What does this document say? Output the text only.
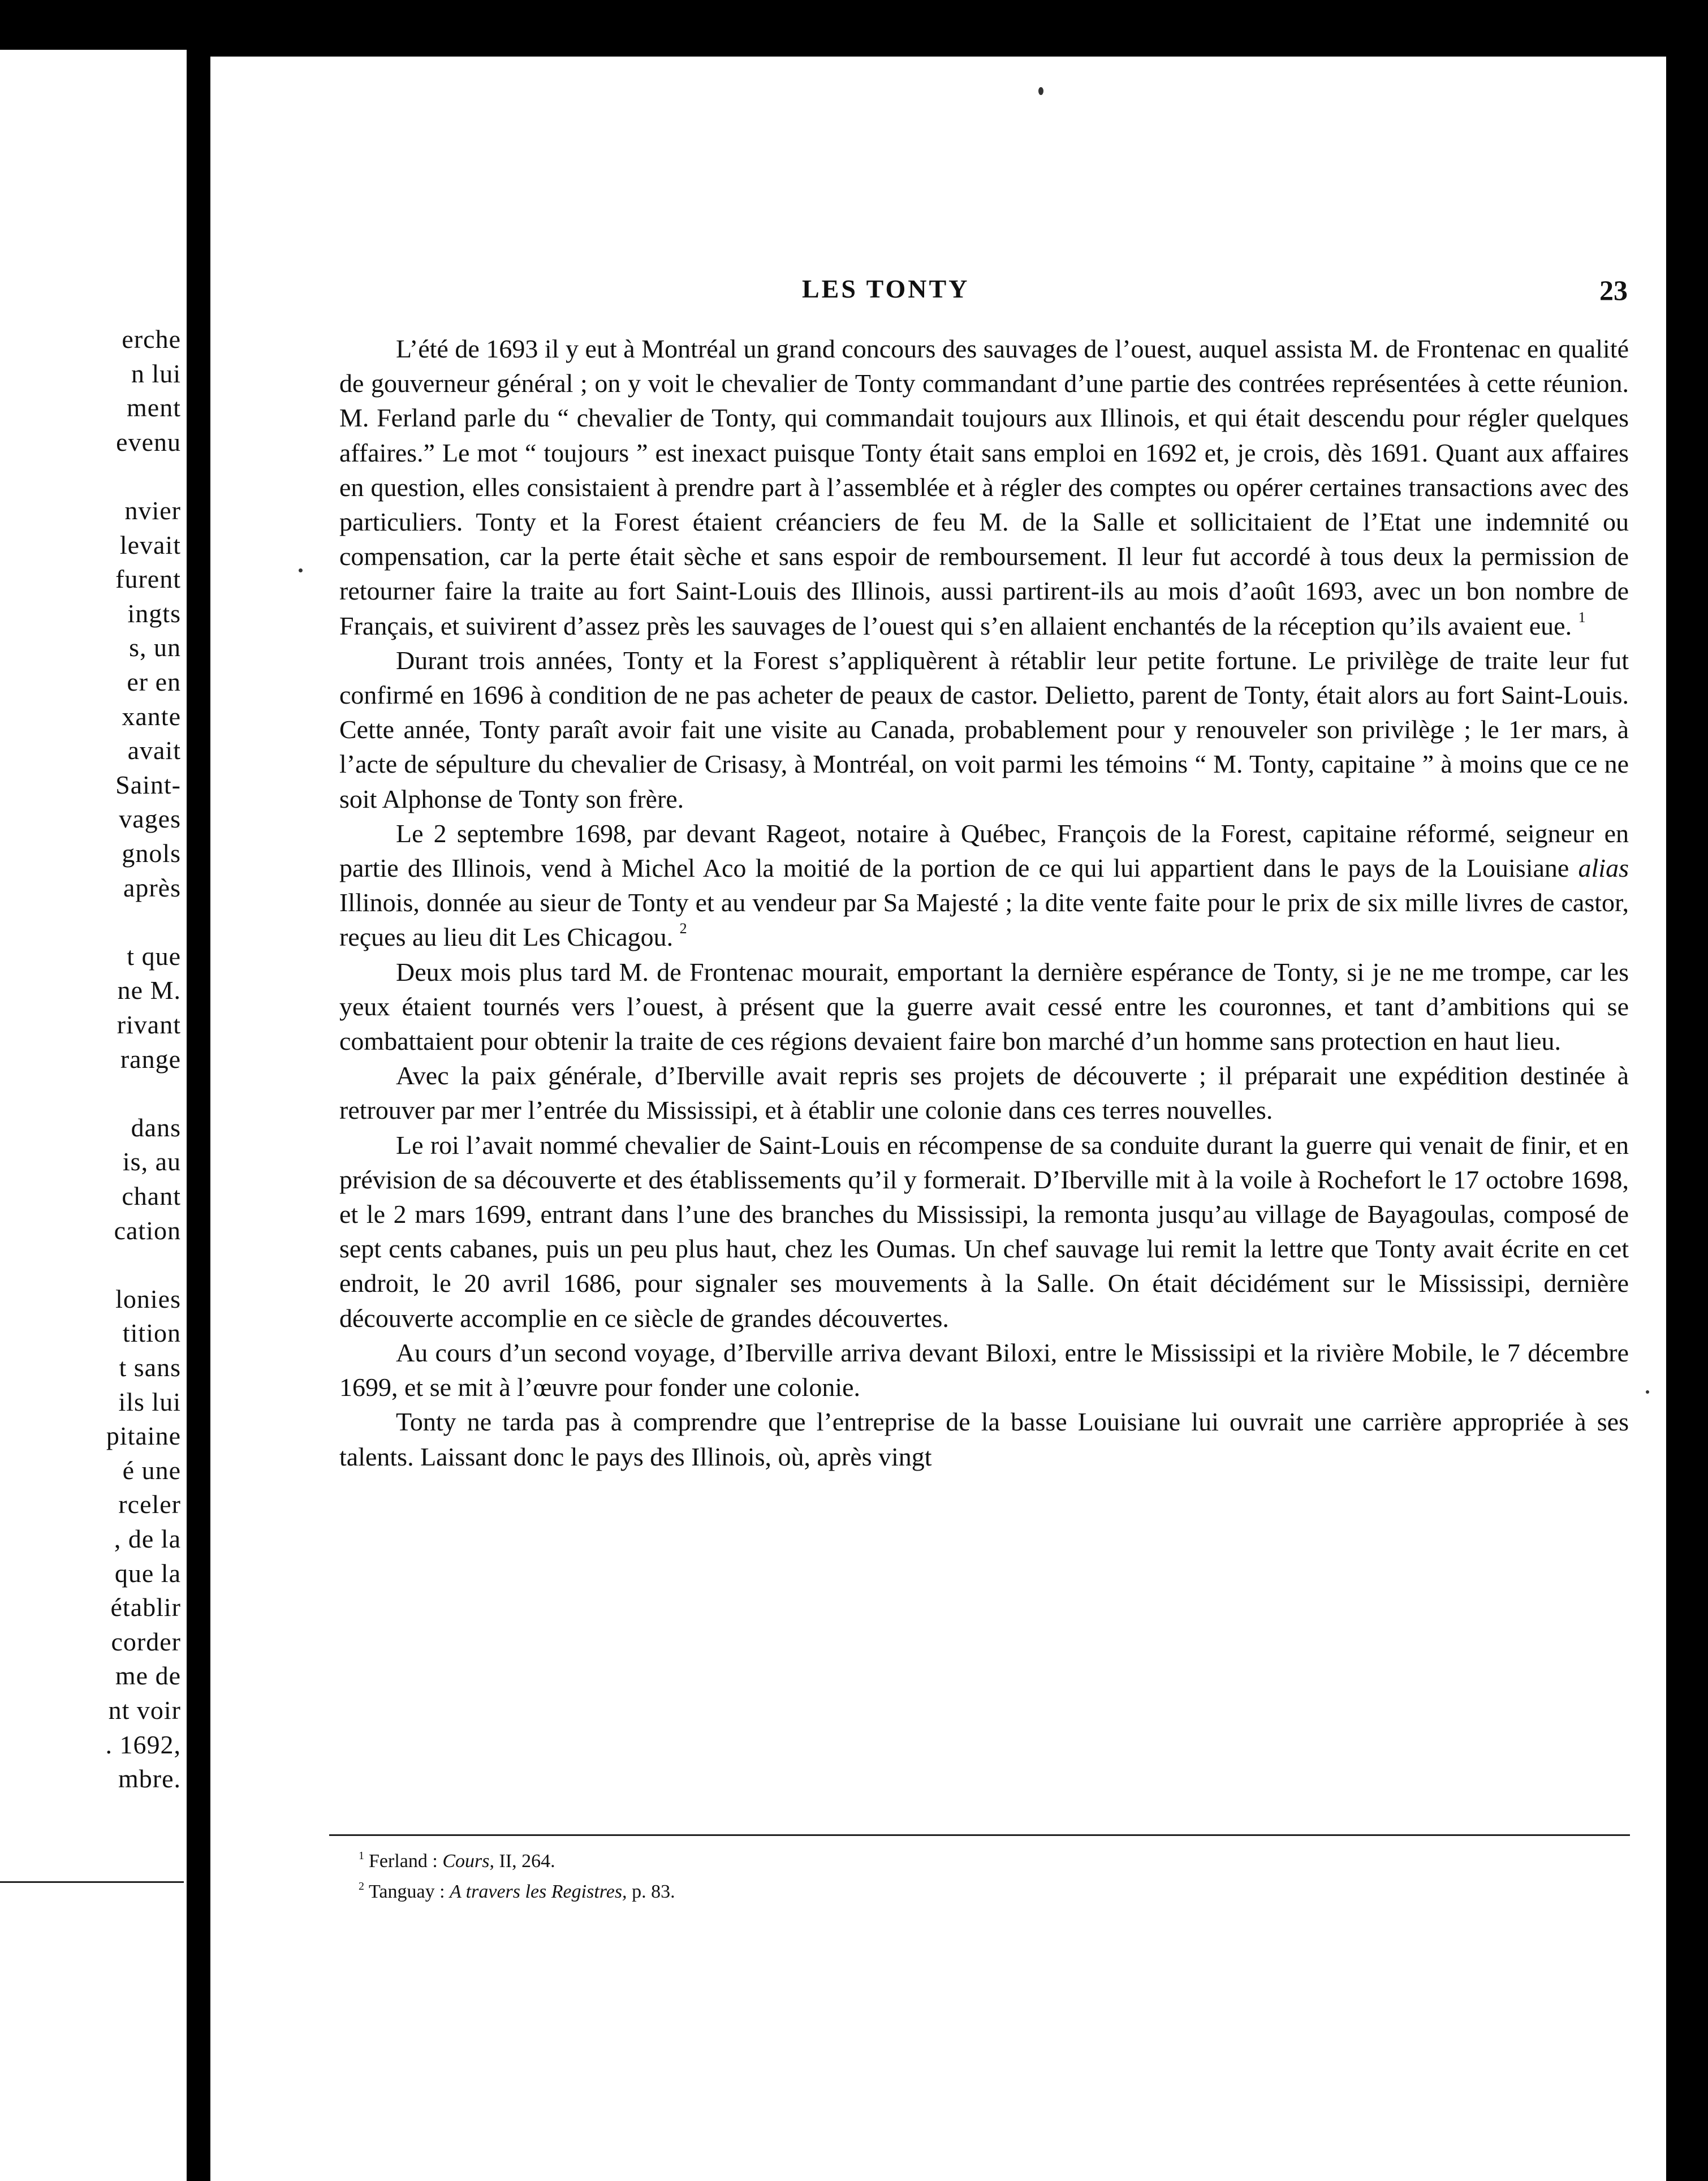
erche
n lui
ment
evenu
nvier
levait
furent
ingts
s, un
er en
xante
avait
Saint-
vages
gnols
après
t que
ne M.
rivant
range
dans
is, au
chant
cation
lonies
tition
t sans
ils lui
pitaine
é une
rceler
, de la
que la
établir
corder
me de
nt voir
. 1692,
mbre.
LES TONTY	23

L’été de 1693 il y eut à Montréal un grand concours des sauvages de l’ouest, auquel assista M. de Frontenac en qualité de gouverneur général ; on y voit le chevalier de Tonty commandant d’une partie des contrées représentées à cette réunion. M. Ferland parle du “ chevalier de Tonty, qui commandait toujours aux Illinois, et qui était descendu pour régler quelques affaires.” Le mot “ toujours ” est inexact puisque Tonty était sans emploi en 1692 et, je crois, dès 1691. Quant aux affaires en question, elles consistaient à prendre part à l’assemblée et à régler des comptes ou opérer certaines transactions avec des particuliers. Tonty et la Forest étaient créanciers de feu M. de la Salle et sollicitaient de l’Etat une indemnité ou compensation, car la perte était sèche et sans espoir de remboursement. Il leur fut accordé à tous deux la permission de retourner faire la traite au fort Saint-Louis des Illinois, aussi partirent-ils au mois d’août 1693, avec un bon nombre de Français, et suivirent d’assez près les sauvages de l’ouest qui s’en allaient enchantés de la réception qu’ils avaient eue. $^1$

Durant trois années, Tonty et la Forest s’appliquèrent à rétablir leur petite fortune. Le privilège de traite leur fut confirmé en 1696 à condition de ne pas acheter de peaux de castor. Delietto, parent de Tonty, était alors au fort Saint-Louis. Cette année, Tonty paraît avoir fait une visite au Canada, probablement pour y renouveler son privilège ; le 1er mars, à l’acte de sépulture du chevalier de Crisasy, à Montréal, on voit parmi les témoins “ M. Tonty, capitaine ” à moins que ce ne soit Alphonse de Tonty son frère.

Le 2 septembre 1698, par devant Rageot, notaire à Québec, François de la Forest, capitaine réformé, seigneur en partie des Illinois, vend à Michel Aco la moitié de la portion de ce qui lui appartient dans le pays de la Louisiane alias Illinois, donnée au sieur de Tonty et au vendeur par Sa Majesté ; la dite vente faite pour le prix de six mille livres de castor, reçues au lieu dit Les Chicagou. $^2$

Deux mois plus tard M. de Frontenac mourait, emportant la dernière espérance de Tonty, si je ne me trompe, car les yeux étaient tournés vers l’ouest, à présent que la guerre avait cessé entre les couronnes, et tant d’ambitions qui se combattaient pour obtenir la traite de ces régions devaient faire bon marché d’un homme sans protection en haut lieu.

Avec la paix générale, d’Iberville avait repris ses projets de découverte ; il préparait une expédition destinée à retrouver par mer l’entrée du Mississipi, et à établir une colonie dans ces terres nouvelles.

Le roi l’avait nommé chevalier de Saint-Louis en récompense de sa conduite durant la guerre qui venait de finir, et en prévision de sa découverte et des établissements qu’il y formerait. D’Iberville mit à la voile à Rochefort le 17 octobre 1698, et le 2 mars 1699, entrant dans l’une des branches du Mississipi, la remonta jusqu’au village de Bayagoulas, composé de sept cents cabanes, puis un peu plus haut, chez les Oumas. Un chef sauvage lui remit la lettre que Tonty avait écrite en cet endroit, le 20 avril 1686, pour signaler ses mouvements à la Salle. On était décidément sur le Mississipi, dernière découverte accomplie en ce siècle de grandes découvertes.

Au cours d’un second voyage, d’Iberville arriva devant Biloxi, entre le Mississipi et la rivière Mobile, le 7 décembre 1699, et se mit à l’œuvre pour fonder une colonie.

Tonty ne tarda pas à comprendre que l’entreprise de la basse Louisiane lui ouvrait une carrière appropriée à ses talents. Laissant donc le pays des Illinois, où, après vingt

$^1$ Ferland : Cours, II, 264.
$^2$ Tanguay : A travers les Registres, p. 83.
